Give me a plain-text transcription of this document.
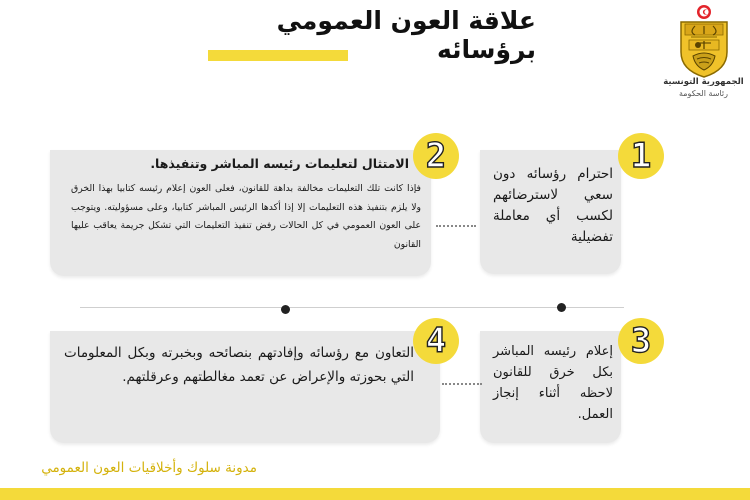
علاقة العون العمومي برؤسائه
الجمهورية التونسية
رئاسة الحكومة
احترام رؤسائه دون سعي لاسترضائهم لكسب أي معاملة تفضيلية
1
الامتثال لتعليمات رئيسه المباشر وتنفيذها.
فإذا كانت تلك التعليمات مخالفة بداهة للقانون، فعلى العون إعلام رئيسه كتابيا بهذا الخرق ولا يلزم بتنفيذ هذه التعليمات إلا إذا أكدها الرئيس المباشر كتابيا، وعلى مسؤوليته. ويتوجب على العون العمومي في كل الحالات رفض تنفيذ التعليمات التي تشكل جريمة يعاقب عليها القانون
2
إعلام رئيسه المباشر بكل خرق للقانون لاحظه أثناء إنجاز العمل.
3
التعاون مع رؤسائه وإفادتهم بنصائحه وبخبرته وبكل المعلومات التي بحوزته والإعراض عن تعمد مغالطتهم وعرقلتهم.
4
مدونة سلوك وأخلاقيات العون العمومي
